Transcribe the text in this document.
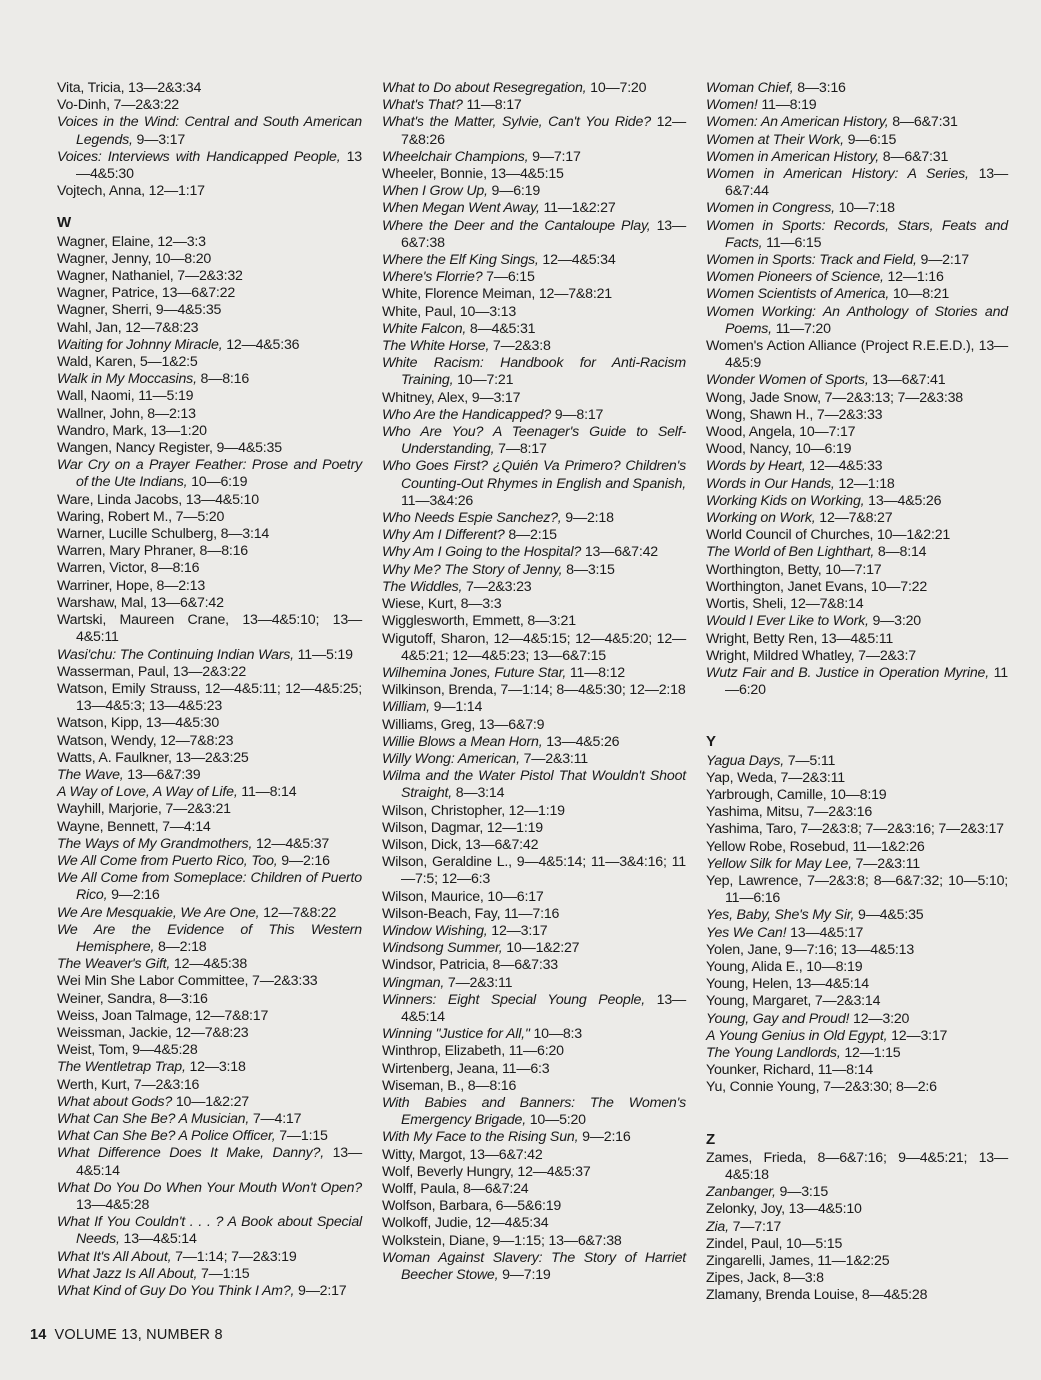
Vita, Tricia, 13—2&3:34

Vo-Dinh, 7—2&3:22

Voices in the Wind: Central and South American Legends, 9—3:17

Voices: Interviews with Handicapped People, 13—4&5:30

Vojtech, Anna, 12—1:17

W

Wagner, Elaine, 12—3:3

Wagner, Jenny, 10—8:20

Wagner, Nathaniel, 7—2&3:32

Wagner, Patrice, 13—6&7:22

Wagner, Sherri, 9—4&5:35

Wahl, Jan, 12—7&8:23

Waiting for Johnny Miracle, 12—4&5:36

Wald, Karen, 5—1&2:5

Walk in My Moccasins, 8—8:16

Wall, Naomi, 11—5:19

Wallner, John, 8—2:13

Wandro, Mark, 13—1:20

Wangen, Nancy Register, 9—4&5:35

War Cry on a Prayer Feather: Prose and Poetry of the Ute Indians, 10—6:19

Ware, Linda Jacobs, 13—4&5:10

Waring, Robert M., 7—5:20

Warner, Lucille Schulberg, 8—3:14

Warren, Mary Phraner, 8—8:16

Warren, Victor, 8—8:16

Warriner, Hope, 8—2:13

Warshaw, Mal, 13—6&7:42

Wartski, Maureen Crane, 13—4&5:10; 13—4&5:11

Wasi'chu: The Continuing Indian Wars, 11—5:19

Wasserman, Paul, 13—2&3:22

Watson, Emily Strauss, 12—4&5:11; 12—4&5:25; 13—4&5:3; 13—4&5:23

Watson, Kipp, 13—4&5:30

Watson, Wendy, 12—7&8:23

Watts, A. Faulkner, 13—2&3:25

The Wave, 13—6&7:39

A Way of Love, A Way of Life, 11—8:14

Wayhill, Marjorie, 7—2&3:21

Wayne, Bennett, 7—4:14

The Ways of My Grandmothers, 12—4&5:37

We All Come from Puerto Rico, Too, 9—2:16

We All Come from Someplace: Children of Puerto Rico, 9—2:16

We Are Mesquakie, We Are One, 12—7&8:22

We Are the Evidence of This Western Hemisphere, 8—2:18

The Weaver's Gift, 12—4&5:38

Wei Min She Labor Committee, 7—2&3:33

Weiner, Sandra, 8—3:16

Weiss, Joan Talmage, 12—7&8:17

Weissman, Jackie, 12—7&8:23

Weist, Tom, 9—4&5:28

The Wentletrap Trap, 12—3:18

Werth, Kurt, 7—2&3:16

What about Gods? 10—1&2:27

What Can She Be? A Musician, 7—4:17

What Can She Be? A Police Officer, 7—1:15

What Difference Does It Make, Danny?, 13—4&5:14

What Do You Do When Your Mouth Won't Open? 13—4&5:28

What If You Couldn't . . . ? A Book about Special Needs, 13—4&5:14

What It's All About, 7—1:14; 7—2&3:19

What Jazz Is All About, 7—1:15

What Kind of Guy Do You Think I Am?, 9—2:17

What to Do about Resegregation, 10—7:20

What's That? 11—8:17

What's the Matter, Sylvie, Can't You Ride? 12—7&8:26

Wheelchair Champions, 9—7:17

Wheeler, Bonnie, 13—4&5:15

When I Grow Up, 9—6:19

When Megan Went Away, 11—1&2:27

Where the Deer and the Cantaloupe Play, 13—6&7:38

Where the Elf King Sings, 12—4&5:34

Where's Florrie? 7—6:15

White, Florence Meiman, 12—7&8:21

White, Paul, 10—3:13

White Falcon, 8—4&5:31

The White Horse, 7—2&3:8

White Racism: Handbook for Anti-Racism Training, 10—7:21

Whitney, Alex, 9—3:17

Who Are the Handicapped? 9—8:17

Who Are You? A Teenager's Guide to Self-Understanding, 7—8:17

Who Goes First? ¿Quién Va Primero? Children's Counting-Out Rhymes in English and Spanish, 11—3&4:26

Who Needs Espie Sanchez?, 9—2:18

Why Am I Different? 8—2:15

Why Am I Going to the Hospital? 13—6&7:42

Why Me? The Story of Jenny, 8—3:15

The Widdles, 7—2&3:23

Wiese, Kurt, 8—3:3

Wigglesworth, Emmett, 8—3:21

Wigutoff, Sharon, 12—4&5:15; 12—4&5:20; 12—4&5:21; 12—4&5:23; 13—6&7:15

Wilhemina Jones, Future Star, 11—8:12

Wilkinson, Brenda, 7—1:14; 8—4&5:30; 12—2:18

William, 9—1:14

Williams, Greg, 13—6&7:9

Willie Blows a Mean Horn, 13—4&5:26

Willy Wong: American, 7—2&3:11

Wilma and the Water Pistol That Wouldn't Shoot Straight, 8—3:14

Wilson, Christopher, 12—1:19

Wilson, Dagmar, 12—1:19

Wilson, Dick, 13—6&7:42

Wilson, Geraldine L., 9—4&5:14; 11—3&4:16; 11—7:5; 12—6:3

Wilson, Maurice, 10—6:17

Wilson-Beach, Fay, 11—7:16

Window Wishing, 12—3:17

Windsong Summer, 10—1&2:27

Windsor, Patricia, 8—6&7:33

Wingman, 7—2&3:11

Winners: Eight Special Young People, 13—4&5:14

Winning "Justice for All," 10—8:3

Winthrop, Elizabeth, 11—6:20

Wirtenberg, Jeana, 11—6:3

Wiseman, B., 8—8:16

With Babies and Banners: The Women's Emergency Brigade, 10—5:20

With My Face to the Rising Sun, 9—2:16

Witty, Margot, 13—6&7:42

Wolf, Beverly Hungry, 12—4&5:37

Wolff, Paula, 8—6&7:24

Wolfson, Barbara, 6—5&6:19

Wolkoff, Judie, 12—4&5:34

Wolkstein, Diane, 9—1:15; 13—6&7:38

Woman Against Slavery: The Story of Harriet Beecher Stowe, 9—7:19

Woman Chief, 8—3:16

Women! 11—8:19

Women: An American History, 8—6&7:31

Women at Their Work, 9—6:15

Women in American History, 8—6&7:31

Women in American History: A Series, 13—6&7:44

Women in Congress, 10—7:18

Women in Sports: Records, Stars, Feats and Facts, 11—6:15

Women in Sports: Track and Field, 9—2:17

Women Pioneers of Science, 12—1:16

Women Scientists of America, 10—8:21

Women Working: An Anthology of Stories and Poems, 11—7:20

Women's Action Alliance (Project R.E.E.D.), 13—4&5:9

Wonder Women of Sports, 13—6&7:41

Wong, Jade Snow, 7—2&3:13; 7—2&3:38

Wong, Shawn H., 7—2&3:33

Wood, Angela, 10—7:17

Wood, Nancy, 10—6:19

Words by Heart, 12—4&5:33

Words in Our Hands, 12—1:18

Working Kids on Working, 13—4&5:26

Working on Work, 12—7&8:27

World Council of Churches, 10—1&2:21

The World of Ben Lighthart, 8—8:14

Worthington, Betty, 10—7:17

Worthington, Janet Evans, 10—7:22

Wortis, Sheli, 12—7&8:14

Would I Ever Like to Work, 9—3:20

Wright, Betty Ren, 13—4&5:11

Wright, Mildred Whatley, 7—2&3:7

Wutz Fair and B. Justice in Operation Myrine, 11—6:20

Y

Yagua Days, 7—5:11

Yap, Weda, 7—2&3:11

Yarbrough, Camille, 10—8:19

Yashima, Mitsu, 7—2&3:16

Yashima, Taro, 7—2&3:8; 7—2&3:16; 7—2&3:17

Yellow Robe, Rosebud, 11—1&2:26

Yellow Silk for May Lee, 7—2&3:11

Yep, Lawrence, 7—2&3:8; 8—6&7:32; 10—5:10; 11—6:16

Yes, Baby, She's My Sir, 9—4&5:35

Yes We Can! 13—4&5:17

Yolen, Jane, 9—7:16; 13—4&5:13

Young, Alida E., 10—8:19

Young, Helen, 13—4&5:14

Young, Margaret, 7—2&3:14

Young, Gay and Proud! 12—3:20

A Young Genius in Old Egypt, 12—3:17

The Young Landlords, 12—1:15

Younker, Richard, 11—8:14

Yu, Connie Young, 7—2&3:30; 8—2:6

Z

Zames, Frieda, 8—6&7:16; 9—4&5:21; 13—4&5:18

Zanbanger, 9—3:15

Zelonky, Joy, 13—4&5:10

Zia, 7—7:17

Zindel, Paul, 10—5:15

Zingarelli, James, 11—1&2:25

Zipes, Jack, 8—3:8

Zlamany, Brenda Louise, 8—4&5:28

14 VOLUME 13, NUMBER 8
